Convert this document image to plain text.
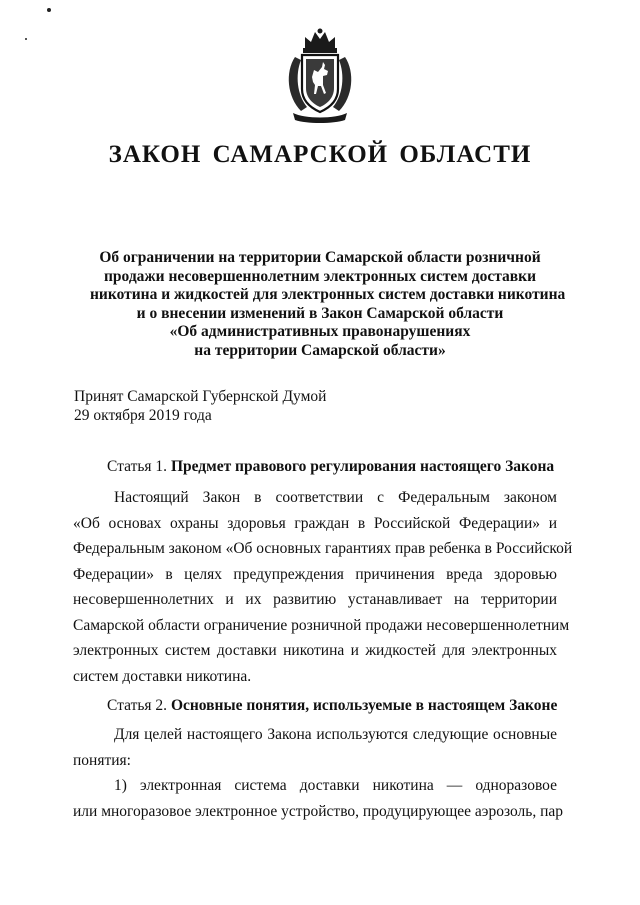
ЗАКОН САМАРСКОЙ ОБЛАСТИ
Об ограничении на территории Самарской области розничной
продажи несовершеннолетним электронных систем доставки
никотина и жидкостей для электронных систем доставки никотина
и о внесении изменений в Закон Самарской области
«Об административных правонарушениях
на территории Самарской области»
Принят Самарской Губернской Думой
29 октября 2019 года
Статья 1. Предмет правового регулирования настоящего Закона
Настоящий Закон в соответствии с Федеральным законом
«Об основах охраны здоровья граждан в Российской Федерации» и
Федеральным законом «Об основных гарантиях прав ребенка в Российской
Федерации» в целях предупреждения причинения вреда здоровью
несовершеннолетних и их развитию устанавливает на территории
Самарской области ограничение розничной продажи несовершеннолетним
электронных систем доставки никотина и жидкостей для электронных
систем доставки никотина.
Статья 2. Основные понятия, используемые в настоящем Законе
Для целей настоящего Закона используются следующие основные
понятия:
1) электронная система доставки никотина — одноразовое
или многоразовое электронное устройство, продуцирующее аэрозоль, пар
